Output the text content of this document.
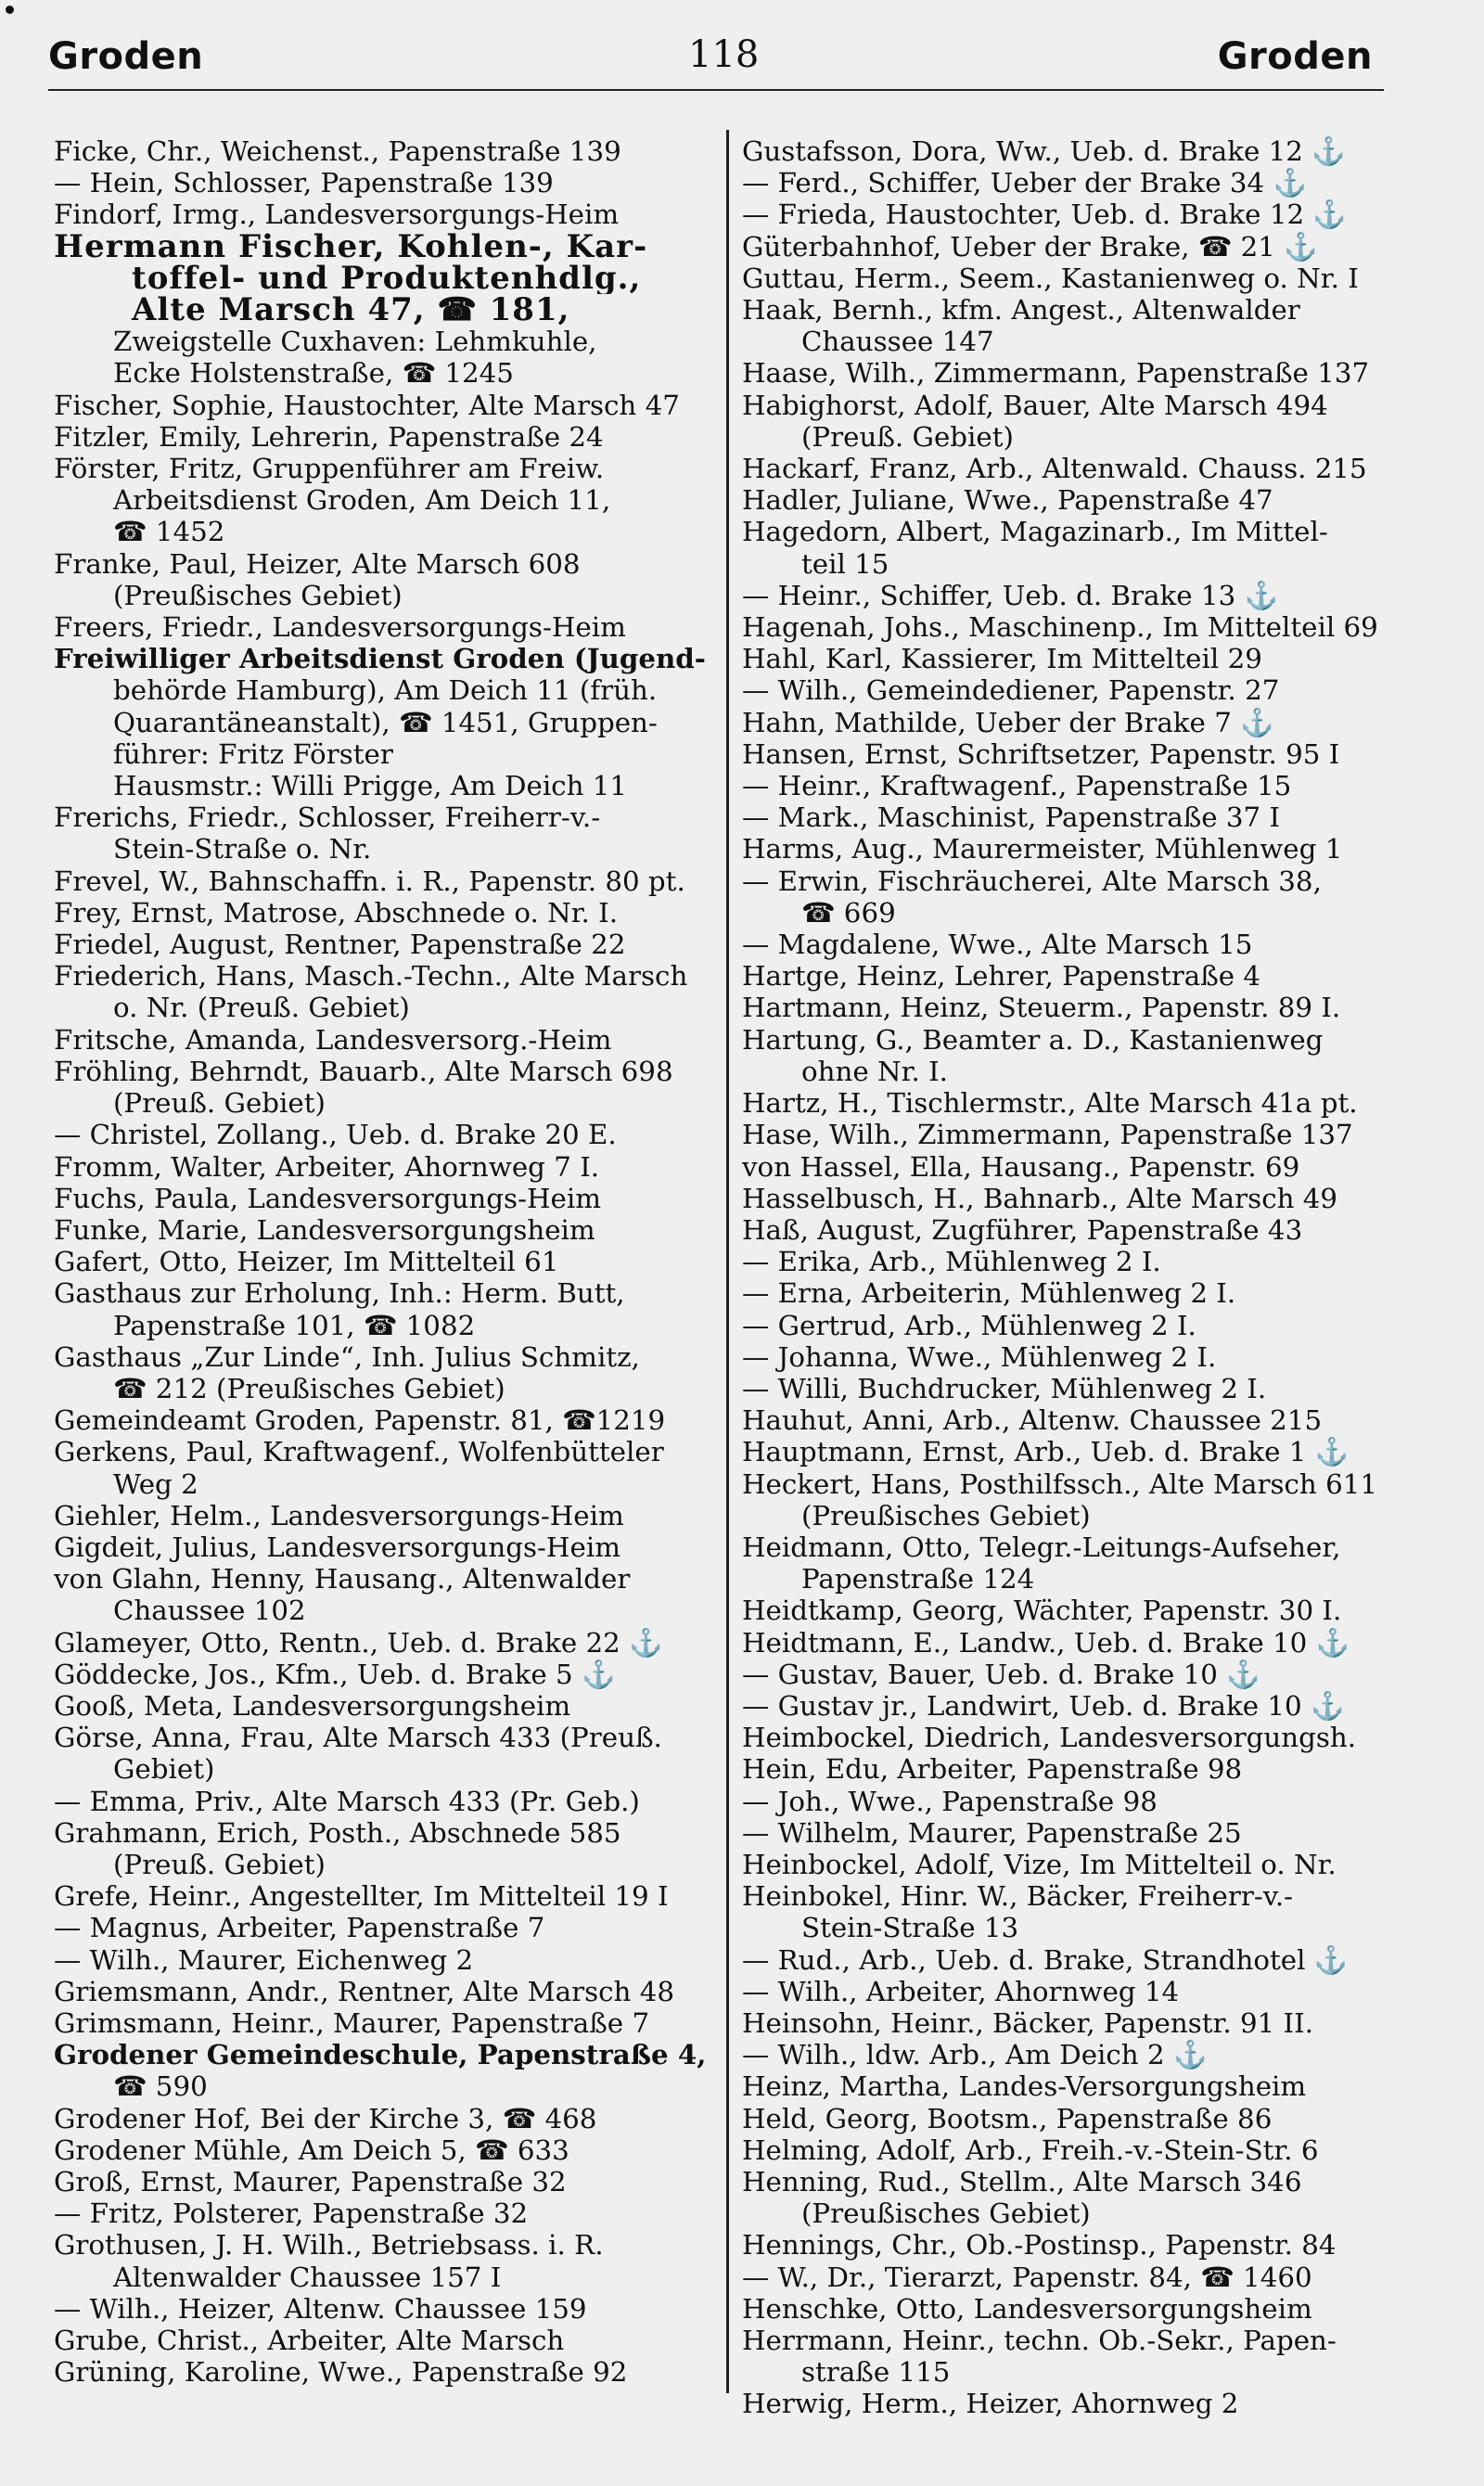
Groden	118	Groden
Ficke, Chr., Weichenst., Papenstraße 139
— Hein, Schlosser, Papenstraße 139
Findorf, Irmg., Landesversorgungs-Heim
Hermann Fischer, Kohlen-, Kar-
toffel- und Produktenhdlg.,
Alte Marsch 47, ☎ 181,
Zweigstelle Cuxhaven: Lehmkuhle,
Ecke Holstenstraße, ☎ 1245
Fischer, Sophie, Haustochter, Alte Marsch 47
Fitzler, Emily, Lehrerin, Papenstraße 24
Förster, Fritz, Gruppenführer am Freiw.
Arbeitsdienst Groden, Am Deich 11,
☎ 1452
Franke, Paul, Heizer, Alte Marsch 608
(Preußisches Gebiet)
Freers, Friedr., Landesversorgungs-Heim
Freiwilliger Arbeitsdienst Groden (Jugend-
behörde Hamburg), Am Deich 11 (früh.
Quarantäneanstalt), ☎ 1451, Gruppen-
führer: Fritz Förster
Hausmstr.: Willi Prigge, Am Deich 11
Frerichs, Friedr., Schlosser, Freiherr-v.-
Stein-Straße o. Nr.
Frevel, W., Bahnschaffn. i. R., Papenstr. 80 pt.
Frey, Ernst, Matrose, Abschnede o. Nr. I.
Friedel, August, Rentner, Papenstraße 22
Friederich, Hans, Masch.-Techn., Alte Marsch
o. Nr. (Preuß. Gebiet)
Fritsche, Amanda, Landesversorg.-Heim
Fröhling, Behrndt, Bauarb., Alte Marsch 698
(Preuß. Gebiet)
— Christel, Zollang., Ueb. d. Brake 20 E.
Fromm, Walter, Arbeiter, Ahornweg 7 I.
Fuchs, Paula, Landesversorgungs-Heim
Funke, Marie, Landesversorgungsheim
Gafert, Otto, Heizer, Im Mittelteil 61
Gasthaus zur Erholung, Inh.: Herm. Butt,
Papenstraße 101, ☎ 1082
Gasthaus „Zur Linde“, Inh. Julius Schmitz,
☎ 212 (Preußisches Gebiet)
Gemeindeamt Groden, Papenstr. 81, ☎1219
Gerkens, Paul, Kraftwagenf., Wolfenbütteler
Weg 2
Giehler, Helm., Landesversorgungs-Heim
Gigdeit, Julius, Landesversorgungs-Heim
von Glahn, Henny, Hausang., Altenwalder
Chaussee 102
Glameyer, Otto, Rentn., Ueb. d. Brake 22 ⚓
Göddecke, Jos., Kfm., Ueb. d. Brake 5 ⚓
Gooß, Meta, Landesversorgungsheim
Görse, Anna, Frau, Alte Marsch 433 (Preuß.
Gebiet)
— Emma, Priv., Alte Marsch 433 (Pr. Geb.)
Grahmann, Erich, Posth., Abschnede 585
(Preuß. Gebiet)
Grefe, Heinr., Angestellter, Im Mittelteil 19 I
— Magnus, Arbeiter, Papenstraße 7
— Wilh., Maurer, Eichenweg 2
Griemsmann, Andr., Rentner, Alte Marsch 48
Grimsmann, Heinr., Maurer, Papenstraße 7
Grodener Gemeindeschule, Papenstraße 4,
☎ 590
Grodener Hof, Bei der Kirche 3, ☎ 468
Grodener Mühle, Am Deich 5, ☎ 633
Groß, Ernst, Maurer, Papenstraße 32
— Fritz, Polsterer, Papenstraße 32
Grothusen, J. H. Wilh., Betriebsass. i. R.
Altenwalder Chaussee 157 I
— Wilh., Heizer, Altenw. Chaussee 159
Grube, Christ., Arbeiter, Alte Marsch
Grüning, Karoline, Wwe., Papenstraße 92
Gustafsson, Dora, Ww., Ueb. d. Brake 12 ⚓
— Ferd., Schiffer, Ueber der Brake 34 ⚓
— Frieda, Haustochter, Ueb. d. Brake 12 ⚓
Güterbahnhof, Ueber der Brake, ☎ 21 ⚓
Guttau, Herm., Seem., Kastanienweg o. Nr. I
Haak, Bernh., kfm. Angest., Altenwalder
Chaussee 147
Haase, Wilh., Zimmermann, Papenstraße 137
Habighorst, Adolf, Bauer, Alte Marsch 494
(Preuß. Gebiet)
Hackarf, Franz, Arb., Altenwald. Chauss. 215
Hadler, Juliane, Wwe., Papenstraße 47
Hagedorn, Albert, Magazinarb., Im Mittel-
teil 15
— Heinr., Schiffer, Ueb. d. Brake 13 ⚓
Hagenah, Johs., Maschinenp., Im Mittelteil 69
Hahl, Karl, Kassierer, Im Mittelteil 29
— Wilh., Gemeindediener, Papenstr. 27
Hahn, Mathilde, Ueber der Brake 7 ⚓
Hansen, Ernst, Schriftsetzer, Papenstr. 95 I
— Heinr., Kraftwagenf., Papenstraße 15
— Mark., Maschinist, Papenstraße 37 I
Harms, Aug., Maurermeister, Mühlenweg 1
— Erwin, Fischräucherei, Alte Marsch 38,
☎ 669
— Magdalene, Wwe., Alte Marsch 15
Hartge, Heinz, Lehrer, Papenstraße 4
Hartmann, Heinz, Steuerm., Papenstr. 89 I.
Hartung, G., Beamter a. D., Kastanienweg
ohne Nr. I.
Hartz, H., Tischlermstr., Alte Marsch 41a pt.
Hase, Wilh., Zimmermann, Papenstraße 137
von Hassel, Ella, Hausang., Papenstr. 69
Hasselbusch, H., Bahnarb., Alte Marsch 49
Haß, August, Zugführer, Papenstraße 43
— Erika, Arb., Mühlenweg 2 I.
— Erna, Arbeiterin, Mühlenweg 2 I.
— Gertrud, Arb., Mühlenweg 2 I.
— Johanna, Wwe., Mühlenweg 2 I.
— Willi, Buchdrucker, Mühlenweg 2 I.
Hauhut, Anni, Arb., Altenw. Chaussee 215
Hauptmann, Ernst, Arb., Ueb. d. Brake 1 ⚓
Heckert, Hans, Posthilfssch., Alte Marsch 611
(Preußisches Gebiet)
Heidmann, Otto, Telegr.-Leitungs-Aufseher,
Papenstraße 124
Heidtkamp, Georg, Wächter, Papenstr. 30 I.
Heidtmann, E., Landw., Ueb. d. Brake 10 ⚓
— Gustav, Bauer, Ueb. d. Brake 10 ⚓
— Gustav jr., Landwirt, Ueb. d. Brake 10 ⚓
Heimbockel, Diedrich, Landesversorgungsh.
Hein, Edu, Arbeiter, Papenstraße 98
— Joh., Wwe., Papenstraße 98
— Wilhelm, Maurer, Papenstraße 25
Heinbockel, Adolf, Vize, Im Mittelteil o. Nr.
Heinbokel, Hinr. W., Bäcker, Freiherr-v.-
Stein-Straße 13
— Rud., Arb., Ueb. d. Brake, Strandhotel ⚓
— Wilh., Arbeiter, Ahornweg 14
Heinsohn, Heinr., Bäcker, Papenstr. 91 II.
— Wilh., ldw. Arb., Am Deich 2 ⚓
Heinz, Martha, Landes-Versorgungsheim
Held, Georg, Bootsm., Papenstraße 86
Helming, Adolf, Arb., Freih.-v.-Stein-Str. 6
Henning, Rud., Stellm., Alte Marsch 346
(Preußisches Gebiet)
Hennings, Chr., Ob.-Postinsp., Papenstr. 84
— W., Dr., Tierarzt, Papenstr. 84, ☎ 1460
Henschke, Otto, Landesversorgungsheim
Herrmann, Heinr., techn. Ob.-Sekr., Papen-
straße 115
Herwig, Herm., Heizer, Ahornweg 2
